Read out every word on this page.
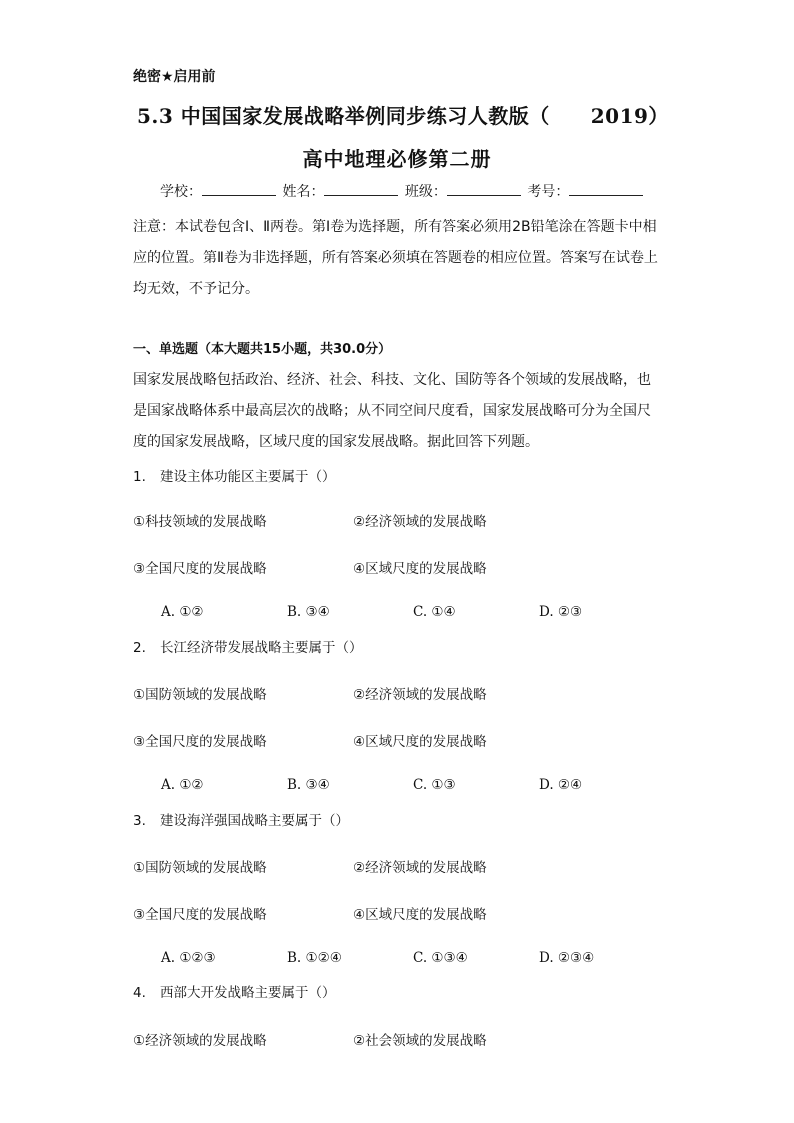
绝密★启用前
5.3 中国国家发展战略举例同步练习人教版（　　2019）
高中地理必修第二册
学校：	姓名：	班级：	考号：
注意：本试卷包含Ⅰ、Ⅱ两卷。第Ⅰ卷为选择题，所有答案必须用2B铅笔涂在答题卡中相应的位置。第Ⅱ卷为非选择题，所有答案必须填在答题卷的相应位置。答案写在试卷上均无效，不予记分。
一、单选题（本大题共15小题，共30.0分）
国家发展战略包括政治、经济、社会、科技、文化、国防等各个领域的发展战略，也是国家战略体系中最高层次的战略；从不同空间尺度看，国家发展战略可分为全国尺度的国家发展战略，区域尺度的国家发展战略。据此回答下列题。
1. 建设主体功能区主要属于（）
①科技领域的发展战略	②经济领域的发展战略
③全国尺度的发展战略	④区域尺度的发展战略
A. ①②	B. ③④	C. ①④	D. ②③
2. 长江经济带发展战略主要属于（）
①国防领域的发展战略	②经济领域的发展战略
③全国尺度的发展战略	④区域尺度的发展战略
A. ①②	B. ③④	C. ①③	D. ②④
3. 建设海洋强国战略主要属于（）
①国防领域的发展战略	②经济领域的发展战略
③全国尺度的发展战略	④区域尺度的发展战略
A. ①②③	B. ①②④	C. ①③④	D. ②③④
4. 西部大开发战略主要属于（）
①经济领域的发展战略	②社会领域的发展战略
